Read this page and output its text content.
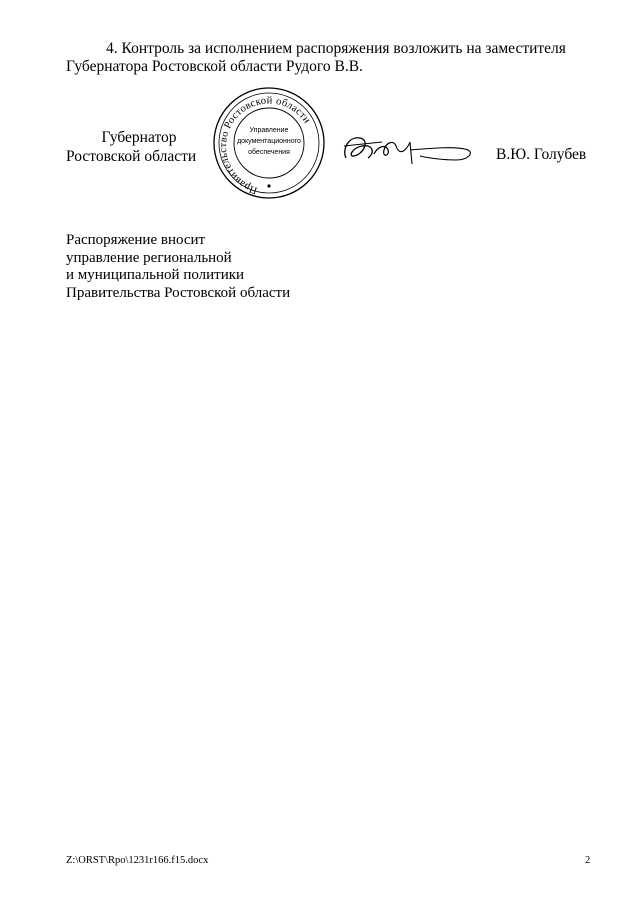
4. Контроль за исполнением распоряжения возложить на заместителя
Губернатора Ростовской области Рудого В.В.
Губернатор
Ростовской области
Правительство Ростовской области
Управление
документационного
обеспечения	В.Ю. Голубев
Распоряжение вносит
управление региональной
и муниципальной политики
Правительства Ростовской области
Z:\ORST\Rpo\1231r166.f15.docx	2
